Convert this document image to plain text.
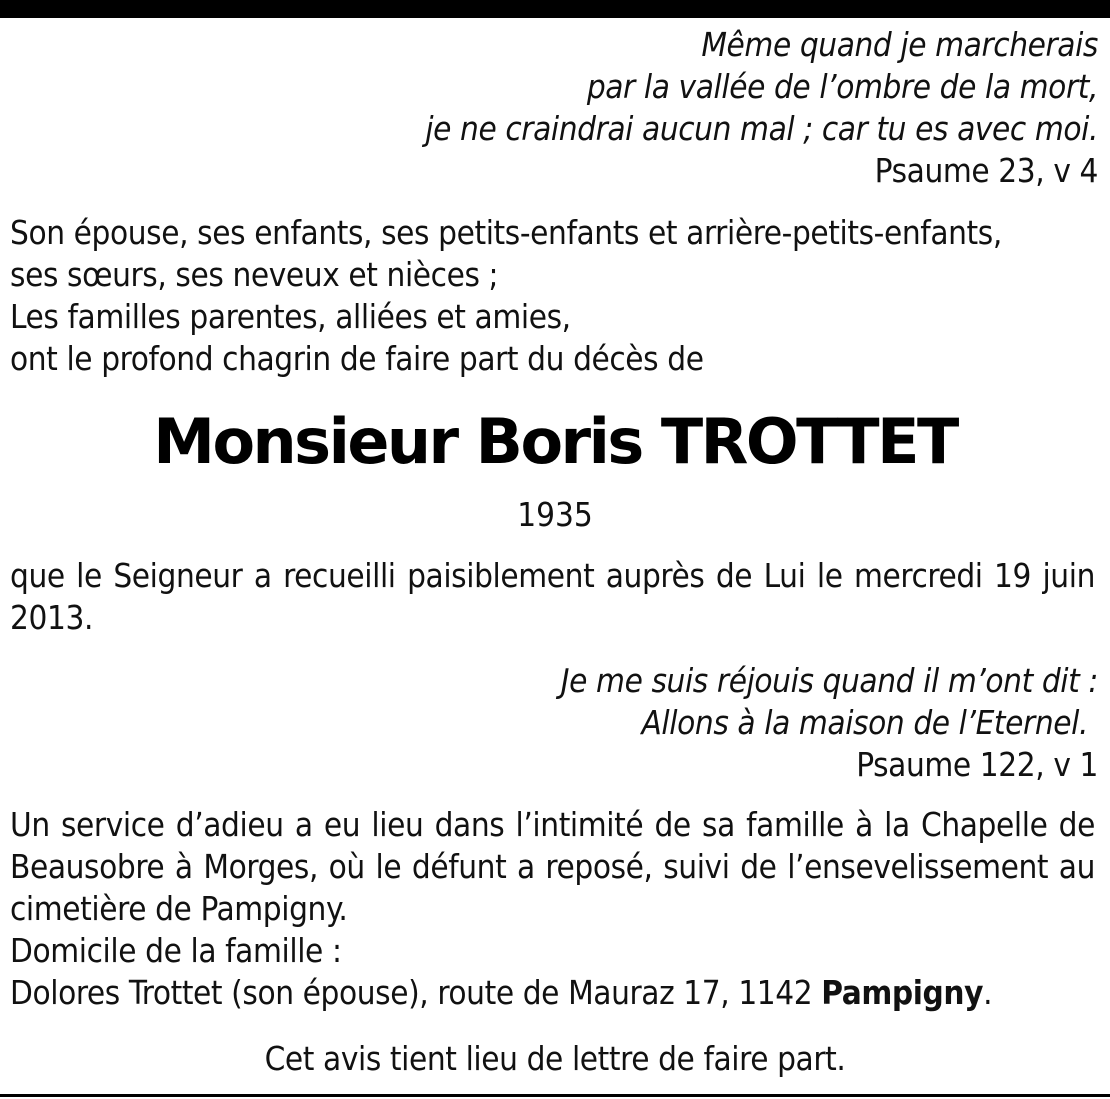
Même quand je marcherais
par la vallée de l’ombre de la mort,
je ne craindrai aucun mal ; car tu es avec moi.
Psaume 23, v 4
Son épouse, ses enfants, ses petits-enfants et arrière-petits-enfants,
ses sœurs, ses neveux et nièces ;
Les familles parentes, alliées et amies,
ont le profond chagrin de faire part du décès de
Monsieur Boris TROTTET
1935
que le Seigneur a recueilli paisiblement auprès de Lui le mercredi 19 juin 2013.
Je me suis réjouis quand il m’ont dit :
Allons à la maison de l’Eternel.
Psaume 122, v 1
Un service d’adieu a eu lieu dans l’intimité de sa famille à la Chapelle de Beausobre à Morges, où le défunt a reposé, suivi de l’ensevelissement au cimetière de Pampigny.
Domicile de la famille :
Dolores Trottet (son épouse), route de Mauraz 17, 1142 Pampigny.
Cet avis tient lieu de lettre de faire part.
